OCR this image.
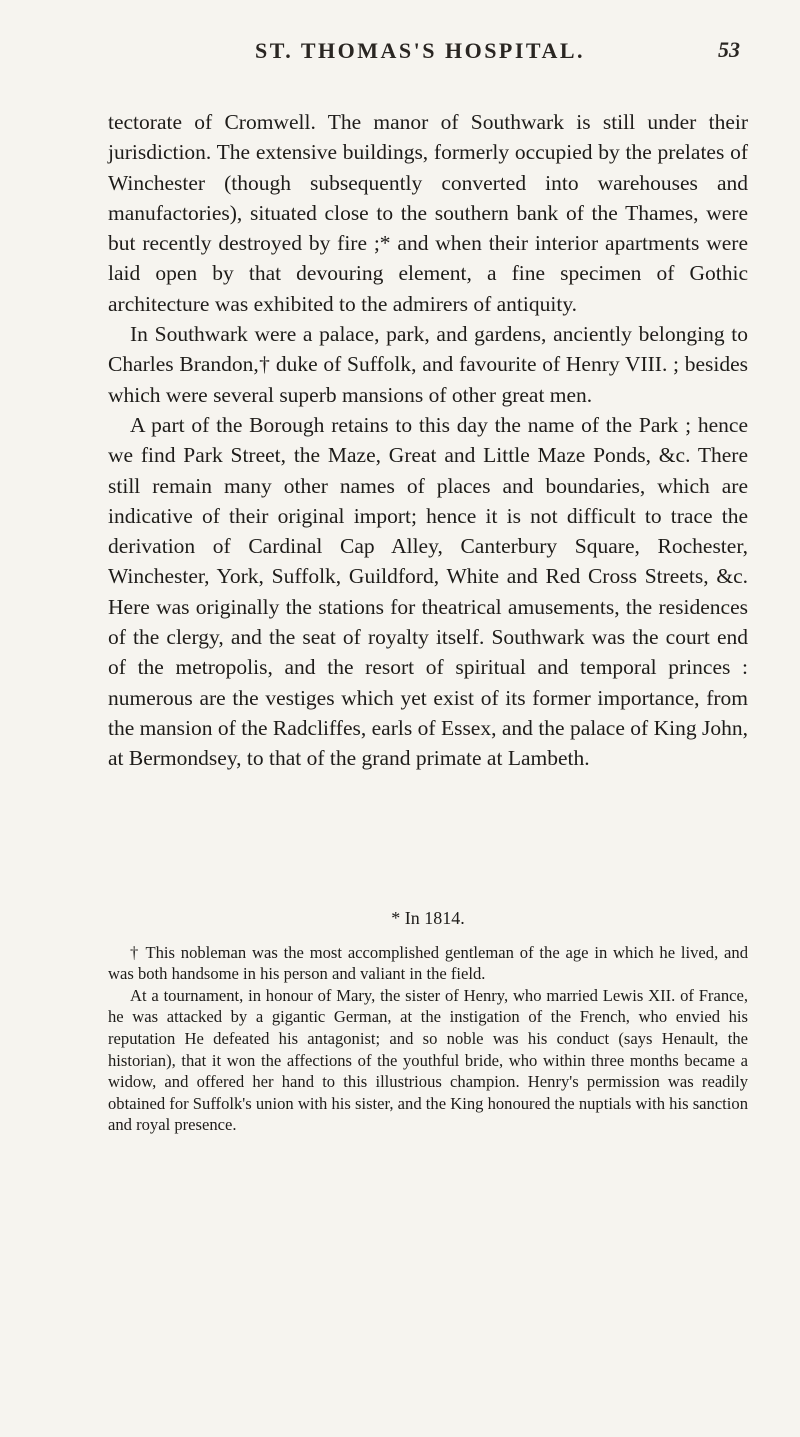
ST. THOMAS'S HOSPITAL.	53

tectorate of Cromwell. The manor of Southwark is still under their jurisdiction. The extensive buildings, formerly occupied by the prelates of Winchester (though subsequently converted into warehouses and manufactories), situated close to the southern bank of the Thames, were but recently destroyed by fire ;* and when their interior apartments were laid open by that devouring element, a fine specimen of Gothic architecture was exhibited to the admirers of antiquity.

In Southwark were a palace, park, and gardens, anciently belonging to Charles Brandon,† duke of Suffolk, and favourite of Henry VIII. ; besides which were several superb mansions of other great men.

A part of the Borough retains to this day the name of the Park ; hence we find Park Street, the Maze, Great and Little Maze Ponds, &c. There still remain many other names of places and boundaries, which are indicative of their original import; hence it is not difficult to trace the derivation of Cardinal Cap Alley, Canterbury Square, Rochester, Winchester, York, Suffolk, Guildford, White and Red Cross Streets, &c. Here was originally the stations for theatrical amusements, the residences of the clergy, and the seat of royalty itself. Southwark was the court end of the metropolis, and the resort of spiritual and temporal princes : numerous are the vestiges which yet exist of its former importance, from the mansion of the Radcliffes, earls of Essex, and the palace of King John, at Bermondsey, to that of the grand primate at Lambeth.

* In 1814.

† This nobleman was the most accomplished gentleman of the age in which he lived, and was both handsome in his person and valiant in the field.

At a tournament, in honour of Mary, the sister of Henry, who married Lewis XII. of France, he was attacked by a gigantic German, at the instigation of the French, who envied his reputation He defeated his antagonist; and so noble was his conduct (says Henault, the historian), that it won the affections of the youthful bride, who within three months became a widow, and offered her hand to this illustrious champion. Henry's permission was readily obtained for Suffolk's union with his sister, and the King honoured the nuptials with his sanction and royal presence.
